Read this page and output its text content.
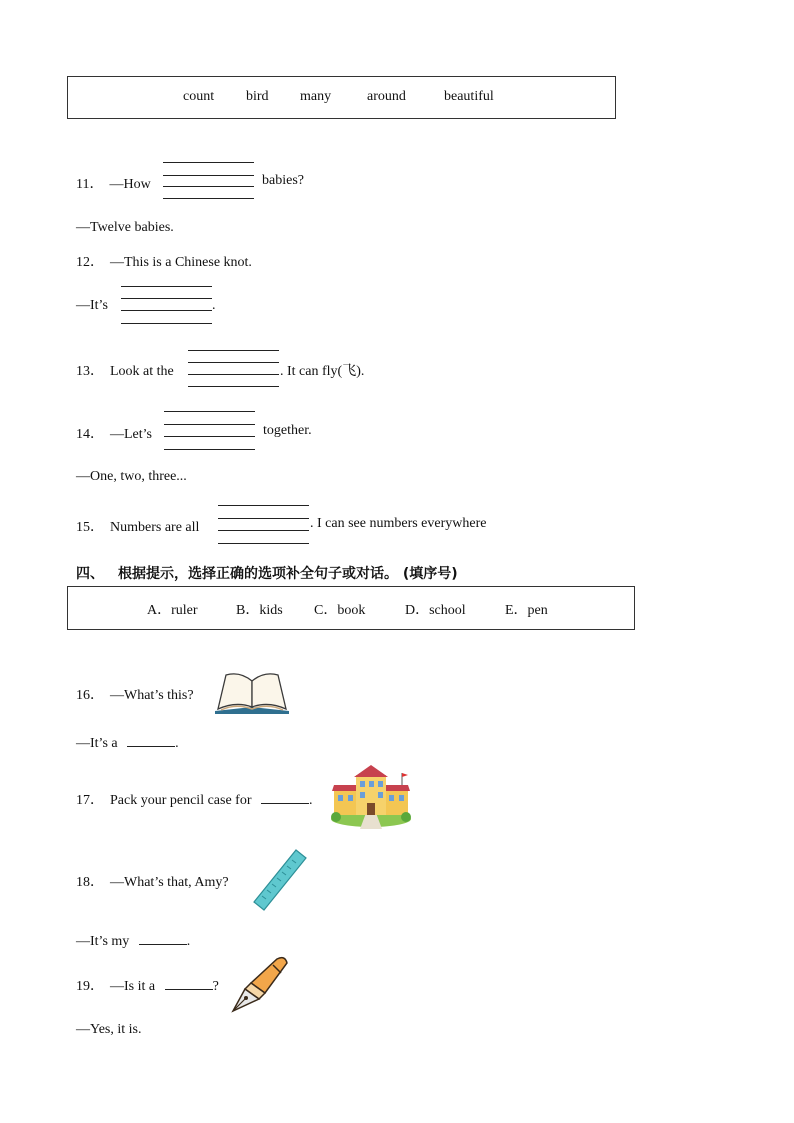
count bird many	around	beautiful
11． —How	babies?
—Twelve babies.
12． —This is a Chinese knot.
—It’s	.
13． Look at the	. It can fly(飞).
14． —Let’s	together.
—One, two, three...
15． Numbers are all	. I can see numbers everywhere
四、 根据提示，选择正确的选项补全句子或对话。 (填序号)
A．ruler	B．kids C．book	D．school	E．pen
16． —What’s this?
—It’s a	.
17． Pack your pencil case for	.
18． —What’s that, Amy?
—It’s my	.
19． —Is it a	?
—Yes, it is.
